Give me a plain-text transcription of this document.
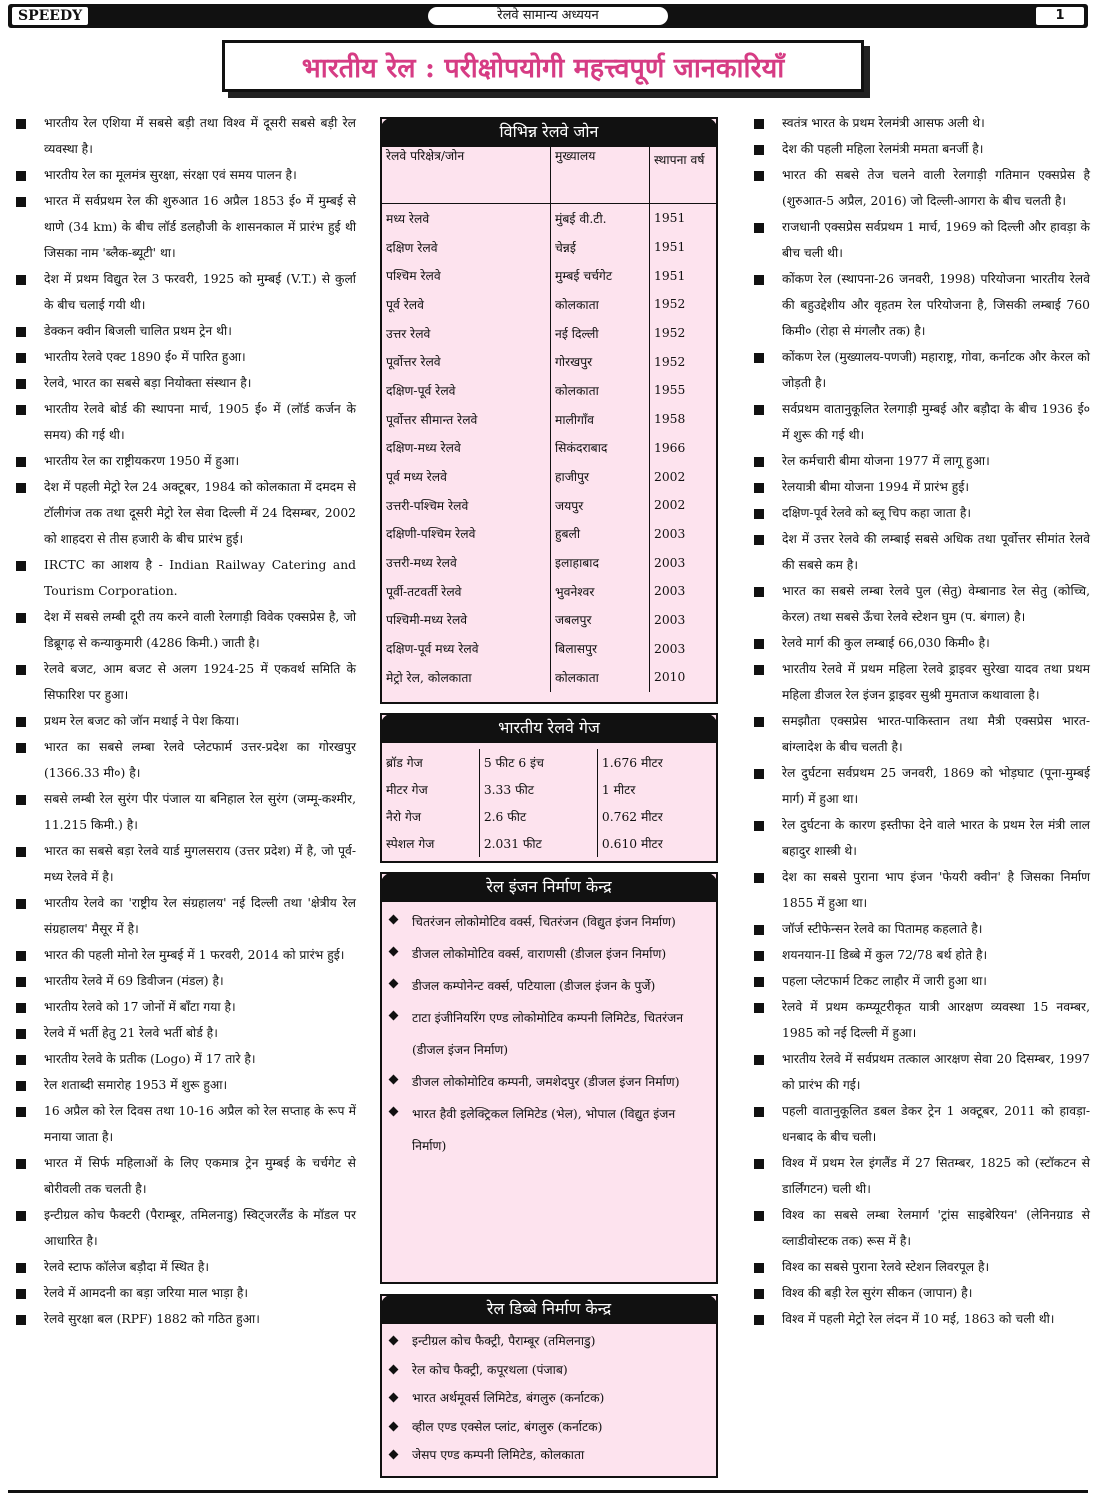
SPEEDY	रेलवे सामान्य अध्ययन	1
भारतीय रेल : परीक्षोपयोगी महत्त्वपूर्ण जानकारियाँ

भारतीय रेल एशिया में सबसे बड़ी तथा विश्व में दूसरी सबसे बड़ी रेल व्यवस्था है।

भारतीय रेल का मूलमंत्र सुरक्षा, संरक्षा एवं समय पालन है।

भारत में सर्वप्रथम रेल की शुरुआत 16 अप्रैल 1853 ई० में मुम्बई से थाणे (34 km) के बीच लॉर्ड डलहौजी के शासनकाल में प्रारंभ हुई थी जिसका नाम 'ब्लैक-ब्यूटी' था।

देश में प्रथम विद्युत रेल 3 फरवरी, 1925 को मुम्बई (V.T.) से कुर्ला के बीच चलाई गयी थी।

डेक्कन क्वीन बिजली चालित प्रथम ट्रेन थी।

भारतीय रेलवे एक्ट 1890 ई० में पारित हुआ।

रेलवे, भारत का सबसे बड़ा नियोक्ता संस्थान है।

भारतीय रेलवे बोर्ड की स्थापना मार्च, 1905 ई० में (लॉर्ड कर्जन के समय) की गई थी।

भारतीय रेल का राष्ट्रीयकरण 1950 में हुआ।

देश में पहली मेट्रो रेल 24 अक्टूबर, 1984 को कोलकाता में दमदम से टॉलीगंज तक तथा दूसरी मेट्रो रेल सेवा दिल्ली में 24 दिसम्बर, 2002 को शाहदरा से तीस हजारी के बीच प्रारंभ हुई।

IRCTC का आशय है - Indian Railway Catering and Tourism Corporation.

देश में सबसे लम्बी दूरी तय करने वाली रेलगाड़ी विवेक एक्सप्रेस है, जो डिब्रूगढ़ से कन्याकुमारी (4286 किमी.) जाती है।

रेलवे बजट, आम बजट से अलग 1924-25 में एकवर्थ समिति के सिफारिश पर हुआ।

प्रथम रेल बजट को जॉन मथाई ने पेश किया।

भारत का सबसे लम्बा रेलवे प्लेटफार्म उत्तर-प्रदेश का गोरखपुर (1366.33 मी०) है।

सबसे लम्बी रेल सुरंग पीर पंजाल या बनिहाल रेल सुरंग (जम्मू-कश्मीर, 11.215 किमी.) है।

भारत का सबसे बड़ा रेलवे यार्ड मुगलसराय (उत्तर प्रदेश) में है, जो पूर्व-मध्य रेलवे में है।

भारतीय रेलवे का 'राष्ट्रीय रेल संग्रहालय' नई दिल्ली तथा 'क्षेत्रीय रेल संग्रहालय' मैसूर में है।

भारत की पहली मोनो रेल मुम्बई में 1 फरवरी, 2014 को प्रारंभ हुई।

भारतीय रेलवे में 69 डिवीजन (मंडल) है।

भारतीय रेलवे को 17 जोनों में बाँटा गया है।

रेलवे में भर्ती हेतु 21 रेलवे भर्ती बोर्ड है।

भारतीय रेलवे के प्रतीक (Logo) में 17 तारे है।

रेल शताब्दी समारोह 1953 में शुरू हुआ।

16 अप्रैल को रेल दिवस तथा 10-16 अप्रैल को रेल सप्ताह के रूप में मनाया जाता है।

भारत में सिर्फ महिलाओं के लिए एकमात्र ट्रेन मुम्बई के चर्चगेट से बोरीवली तक चलती है।

इन्टीग्रल कोच फैक्टरी (पैराम्बूर, तमिलनाडु) स्विट्जरलैंड के मॉडल पर आधारित है।

रेलवे स्टाफ कॉलेज बड़ौदा में स्थित है।

रेलवे में आमदनी का बड़ा जरिया माल भाड़ा है।

रेलवे सुरक्षा बल (RPF) 1882 को गठित हुआ।

विभिन्न रेलवे जोन
रेलवे परिक्षेत्र/जोन	मुख्यालय	स्थापना वर्ष
मध्य रेलवे	मुंबई वी.टी.	1951
दक्षिण रेलवे	चेन्नई	1951
पश्चिम रेलवे	मुम्बई चर्चगेट	1951
पूर्व रेलवे	कोलकाता	1952
उत्तर रेलवे	नई दिल्ली	1952
पूर्वोत्तर रेलवे	गोरखपुर	1952
दक्षिण-पूर्व रेलवे	कोलकाता	1955
पूर्वोत्तर सीमान्त रेलवे	मालीगाँव	1958
दक्षिण-मध्य रेलवे	सिकंदराबाद	1966
पूर्व मध्य रेलवे	हाजीपुर	2002
उत्तरी-पश्चिम रेलवे	जयपुर	2002
दक्षिणी-पश्चिम रेलवे	हुबली	2003
उत्तरी-मध्य रेलवे	इलाहाबाद	2003
पूर्वी-तटवर्ती रेलवे	भुवनेश्वर	2003
पश्चिमी-मध्य रेलवे	जबलपुर	2003
दक्षिण-पूर्व मध्य रेलवे	बिलासपुर	2003
मेट्रो रेल, कोलकाता	कोलकाता	2010
भारतीय रेलवे गेज
ब्रॉड गेज	5 फीट 6 इंच	1.676 मीटर
मीटर गेज	3.33 फीट	1 मीटर
नैरो गेज	2.6 फीट	0.762 मीटर
स्पेशल गेज	2.031 फीट	0.610 मीटर
रेल इंजन निर्माण केन्द्र
चितरंजन लोकोमोटिव वर्क्स, चितरंजन (विद्युत इंजन निर्माण)
डीजल लोकोमोटिव वर्क्स, वाराणसी (डीजल इंजन निर्माण)
डीजल कम्पोनेन्ट वर्क्स, पटियाला (डीजल इंजन के पुर्जे)
टाटा इंजीनियरिंग एण्ड लोकोमोटिव कम्पनी लिमिटेड, चितरंजन (डीजल इंजन निर्माण)
डीजल लोकोमोटिव कम्पनी, जमशेदपुर (डीजल इंजन निर्माण)
भारत हैवी इलेक्ट्रिकल लिमिटेड (भेल), भोपाल (विद्युत इंजन निर्माण)
रेल डिब्बे निर्माण केन्द्र
इन्टीग्रल कोच फैक्ट्री, पैराम्बूर (तमिलनाडु)
रेल कोच फैक्ट्री, कपूरथला (पंजाब)
भारत अर्थमूवर्स लिमिटेड, बंगलुरु (कर्नाटक)
व्हील एण्ड एक्सेल प्लांट, बंगलुरु (कर्नाटक)
जेसप एण्ड कम्पनी लिमिटेड, कोलकाता

स्वतंत्र भारत के प्रथम रेलमंत्री आसफ अली थे।

देश की पहली महिला रेलमंत्री ममता बनर्जी है।

भारत की सबसे तेज चलने वाली रेलगाड़ी गतिमान एक्सप्रेस है (शुरुआत-5 अप्रैल, 2016) जो दिल्ली-आगरा के बीच चलती है।

राजधानी एक्सप्रेस सर्वप्रथम 1 मार्च, 1969 को दिल्ली और हावड़ा के बीच चली थी।

कोंकण रेल (स्थापना-26 जनवरी, 1998) परियोजना भारतीय रेलवे की बहुउद्देशीय और वृहतम रेल परियोजना है, जिसकी लम्बाई 760 किमी० (रोहा से मंगलौर तक) है।

कोंकण रेल (मुख्यालय-पणजी) महाराष्ट्र, गोवा, कर्नाटक और केरल को जोड़ती है।

सर्वप्रथम वातानुकूलित रेलगाड़ी मुम्बई और बड़ौदा के बीच 1936 ई० में शुरू की गई थी।

रेल कर्मचारी बीमा योजना 1977 में लागू हुआ।

रेलयात्री बीमा योजना 1994 में प्रारंभ हुई।

दक्षिण-पूर्व रेलवे को ब्लू चिप कहा जाता है।

देश में उत्तर रेलवे की लम्बाई सबसे अधिक तथा पूर्वोत्तर सीमांत रेलवे की सबसे कम है।

भारत का सबसे लम्बा रेलवे पुल (सेतु) वेम्बानाड रेल सेतु (कोच्चि, केरल) तथा सबसे ऊँचा रेलवे स्टेशन घुम (प. बंगाल) है।

रेलवे मार्ग की कुल लम्बाई 66,030 किमी० है।

भारतीय रेलवे में प्रथम महिला रेलवे ड्राइवर सुरेखा यादव तथा प्रथम महिला डीजल रेल इंजन ड्राइवर सुश्री मुमताज कथावाला है।

समझौता एक्सप्रेस भारत-पाकिस्तान तथा मैत्री एक्सप्रेस भारत-बांग्लादेश के बीच चलती है।

रेल दुर्घटना सर्वप्रथम 25 जनवरी, 1869 को भोड़घाट (पूना-मुम्बई मार्ग) में हुआ था।

रेल दुर्घटना के कारण इस्तीफा देने वाले भारत के प्रथम रेल मंत्री लाल बहादुर शास्त्री थे।

देश का सबसे पुराना भाप इंजन 'फेयरी क्वीन' है जिसका निर्माण 1855 में हुआ था।

जॉर्ज स्टीफेन्सन रेलवे का पितामह कहलाते है।

शयनयान-II डिब्बे में कुल 72/78 बर्थ होते है।

पहला प्लेटफार्म टिकट लाहौर में जारी हुआ था।

रेलवे में प्रथम कम्प्यूटरीकृत यात्री आरक्षण व्यवस्था 15 नवम्बर, 1985 को नई दिल्ली में हुआ।

भारतीय रेलवे में सर्वप्रथम तत्काल आरक्षण सेवा 20 दिसम्बर, 1997 को प्रारंभ की गई।

पहली वातानुकूलित डबल डेकर ट्रेन 1 अक्टूबर, 2011 को हावड़ा-धनबाद के बीच चली।

विश्व में प्रथम रेल इंगलैंड में 27 सितम्बर, 1825 को (स्टॉकटन से डार्लिंगटन) चली थी।

विश्व का सबसे लम्बा रेलमार्ग 'ट्रांस साइबेरियन' (लेनिनग्राड से व्लाडीवोस्टक तक) रूस में है।

विश्व का सबसे पुराना रेलवे स्टेशन लिवरपूल है।

विश्व की बड़ी रेल सुरंग सीकन (जापान) है।

विश्व में पहली मेट्रो रेल लंदन में 10 मई, 1863 को चली थी।
